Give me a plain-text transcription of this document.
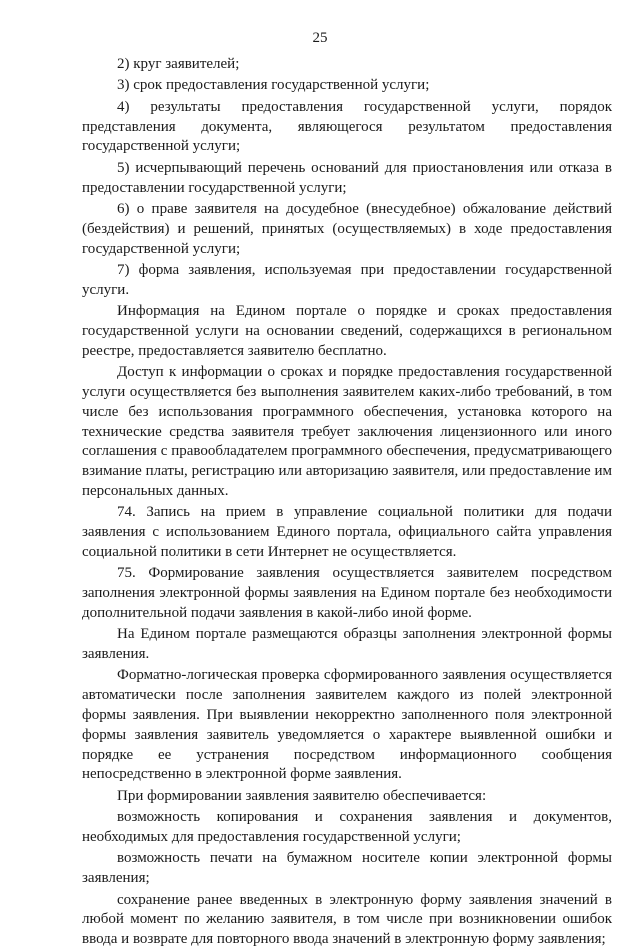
25

2) круг заявителей;

3) срок предоставления государственной услуги;

4) результаты предоставления государственной услуги, порядок представления документа, являющегося результатом предоставления государственной услуги;

5) исчерпывающий перечень оснований для приостановления или отказа в предоставлении государственной услуги;

6) о праве заявителя на досудебное (внесудебное) обжалование действий (бездействия) и решений, принятых (осуществляемых) в ходе предоставления государственной услуги;

7) форма заявления, используемая при предоставлении государственной услуги.

Информация на Едином портале о порядке и сроках предоставления государственной услуги на основании сведений, содержащихся в региональном реестре, предоставляется заявителю бесплатно.

Доступ к информации о сроках и порядке предоставления государственной услуги осуществляется без выполнения заявителем каких-либо требований, в том числе без использования программного обеспечения, установка которого на технические средства заявителя требует заключения лицензионного или иного соглашения с правообладателем программного обеспечения, предусматривающего взимание платы, регистрацию или авторизацию заявителя, или предоставление им персональных данных.

74. Запись на прием в управление социальной политики для подачи заявления с использованием Единого портала, официального сайта управления социальной политики в сети Интернет не осуществляется.

75. Формирование заявления осуществляется заявителем посредством заполнения электронной формы заявления на Едином портале без необходимости дополнительной подачи заявления в какой-либо иной форме.

На Едином портале размещаются образцы заполнения электронной формы заявления.

Форматно-логическая проверка сформированного заявления осуществляется автоматически после заполнения заявителем каждого из полей электронной формы заявления. При выявлении некорректно заполненного поля электронной формы заявления заявитель уведомляется о характере выявленной ошибки и порядке ее устранения посредством информационного сообщения непосредственно в электронной форме заявления.

При формировании заявления заявителю обеспечивается:

возможность копирования и сохранения заявления и документов, необходимых для предоставления государственной услуги;

возможность печати на бумажном носителе копии электронной формы заявления;

сохранение ранее введенных в электронную форму заявления значений в любой момент по желанию заявителя, в том числе при возникновении ошибок ввода и возврате для повторного ввода значений в электронную форму заявления;
